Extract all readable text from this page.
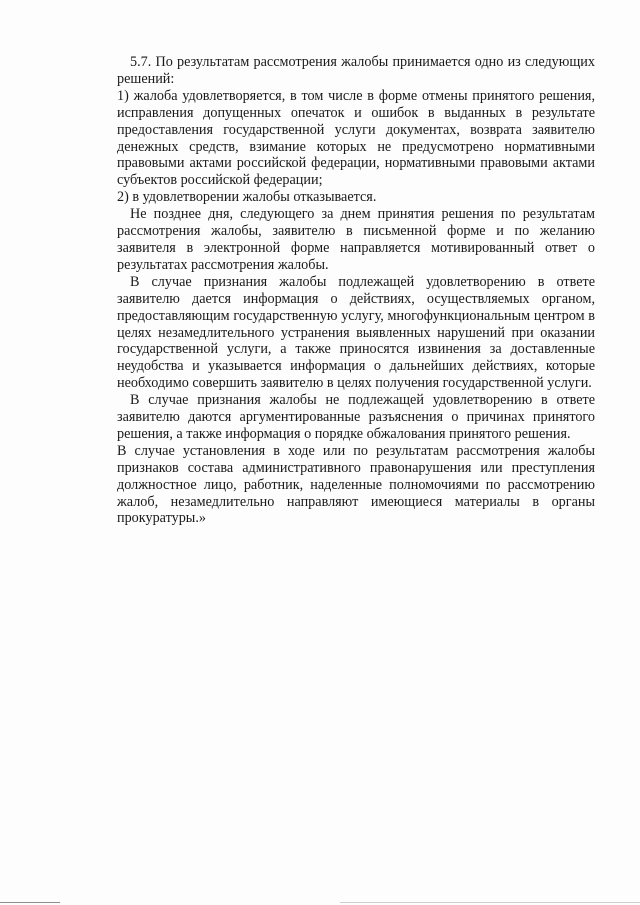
5.7. По результатам рассмотрения жалобы принимается одно из следующих решений:

1) жалоба удовлетворяется, в том числе в форме отмены принятого решения, исправления допущенных опечаток и ошибок в выданных в результате предоставления государственной услуги документах, возврата заявителю денежных средств, взимание которых не предусмотрено нормативными правовыми актами российской федерации, нормативными правовыми актами субъектов российской федерации;

2) в удовлетворении жалобы отказывается.

Не позднее дня, следующего за днем принятия решения по результатам рассмотрения жалобы, заявителю в письменной форме и по желанию заявителя в электронной форме направляется мотивированный ответ о результатах рассмотрения жалобы.

В случае признания жалобы подлежащей удовлетворению в ответе заявителю дается информация о действиях, осуществляемых органом, предоставляющим государственную услугу, многофункциональным центром в целях незамедлительного устранения выявленных нарушений при оказании государственной услуги, а также приносятся извинения за доставленные неудобства и указывается информация о дальнейших действиях, которые необходимо совершить заявителю в целях получения государственной услуги.

В случае признания жалобы не подлежащей удовлетворению в ответе заявителю даются аргументированные разъяснения о причинах принятого решения, а также информация о порядке обжалования принятого решения.

В случае установления в ходе или по результатам рассмотрения жалобы признаков состава административного правонарушения или преступления должностное лицо, работник, наделенные полномочиями по рассмотрению жалоб, незамедлительно направляют имеющиеся материалы в органы прокуратуры.»
